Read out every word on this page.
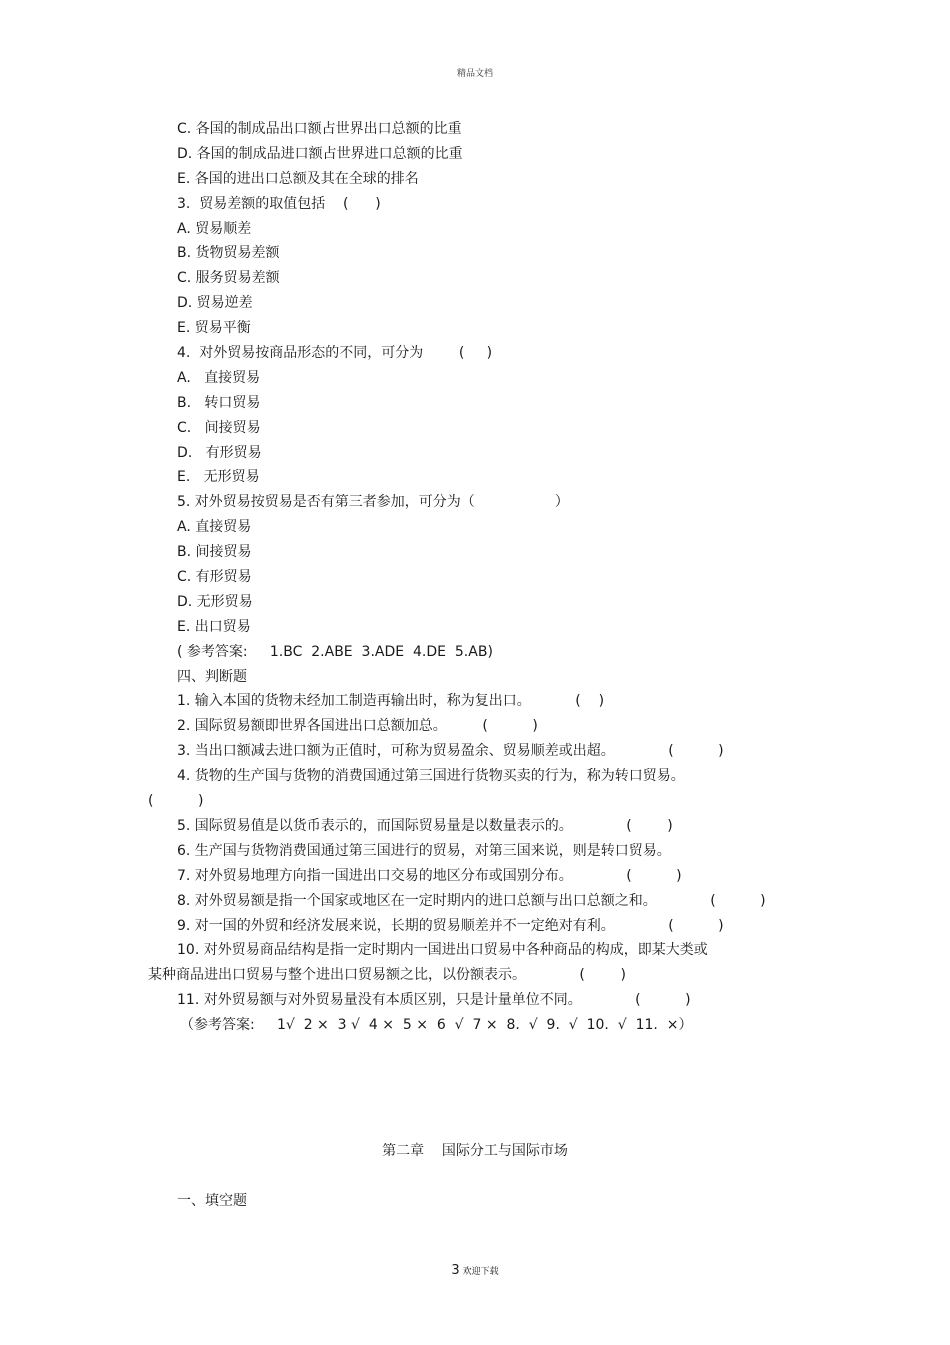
精品文档
C. 各国的制成品出口额占世界出口总额的比重
D. 各国的制成品进口额占世界进口总额的比重
E. 各国的进出口总额及其在全球的排名
3.  贸易差额的取值包括    (      )
A. 贸易顺差
B. 货物贸易差额
C. 服务贸易差额
D. 贸易逆差
E. 贸易平衡
4.  对外贸易按商品形态的不同，可分为        (     )
A.   直接贸易
B.   转口贸易
C.   间接贸易
D.   有形贸易
E.   无形贸易
5. 对外贸易按贸易是否有第三者参加，可分为（                  ）
A. 直接贸易
B. 间接贸易
C. 有形贸易
D. 无形贸易
E. 出口贸易
( 参考答案:     1.BC  2.ABE  3.ADE  4.DE  5.AB)
四、判断题
1. 输入本国的货物未经加工制造再输出时，称为复出口。          (    )
2. 国际贸易额即世界各国进出口总额加总。        (          )
3. 当出口额减去进口额为正值时，可称为贸易盈余、贸易顺差或出超。            (          )
4. 货物的生产国与货物的消费国通过第三国进行货物买卖的行为，称为转口贸易。
(          )
5. 国际贸易值是以货币表示的，而国际贸易量是以数量表示的。            (        )
6. 生产国与货物消费国通过第三国进行的贸易，对第三国来说，则是转口贸易。
7. 对外贸易地理方向指一国进出口交易的地区分布或国别分布。            (          )
8. 对外贸易额是指一个国家或地区在一定时期内的进口总额与出口总额之和。            (          )
9. 对一国的外贸和经济发展来说，长期的贸易顺差并不一定绝对有利。            (          )
10. 对外贸易商品结构是指一定时期内一国进出口贸易中各种商品的构成，即某大类或
某种商品进出口贸易与整个进出口贸易额之比，以份额表示。            (        )
11. 对外贸易额与对外贸易量没有本质区别，只是计量单位不同。            (          )
（参考答案:     1√  2 ×  3 √  4 ×  5 ×  6  √  7 ×  8.  √  9.  √  10.  √  11.  ×）
第二章    国际分工与国际市场
一、填空题
3 欢迎下载
